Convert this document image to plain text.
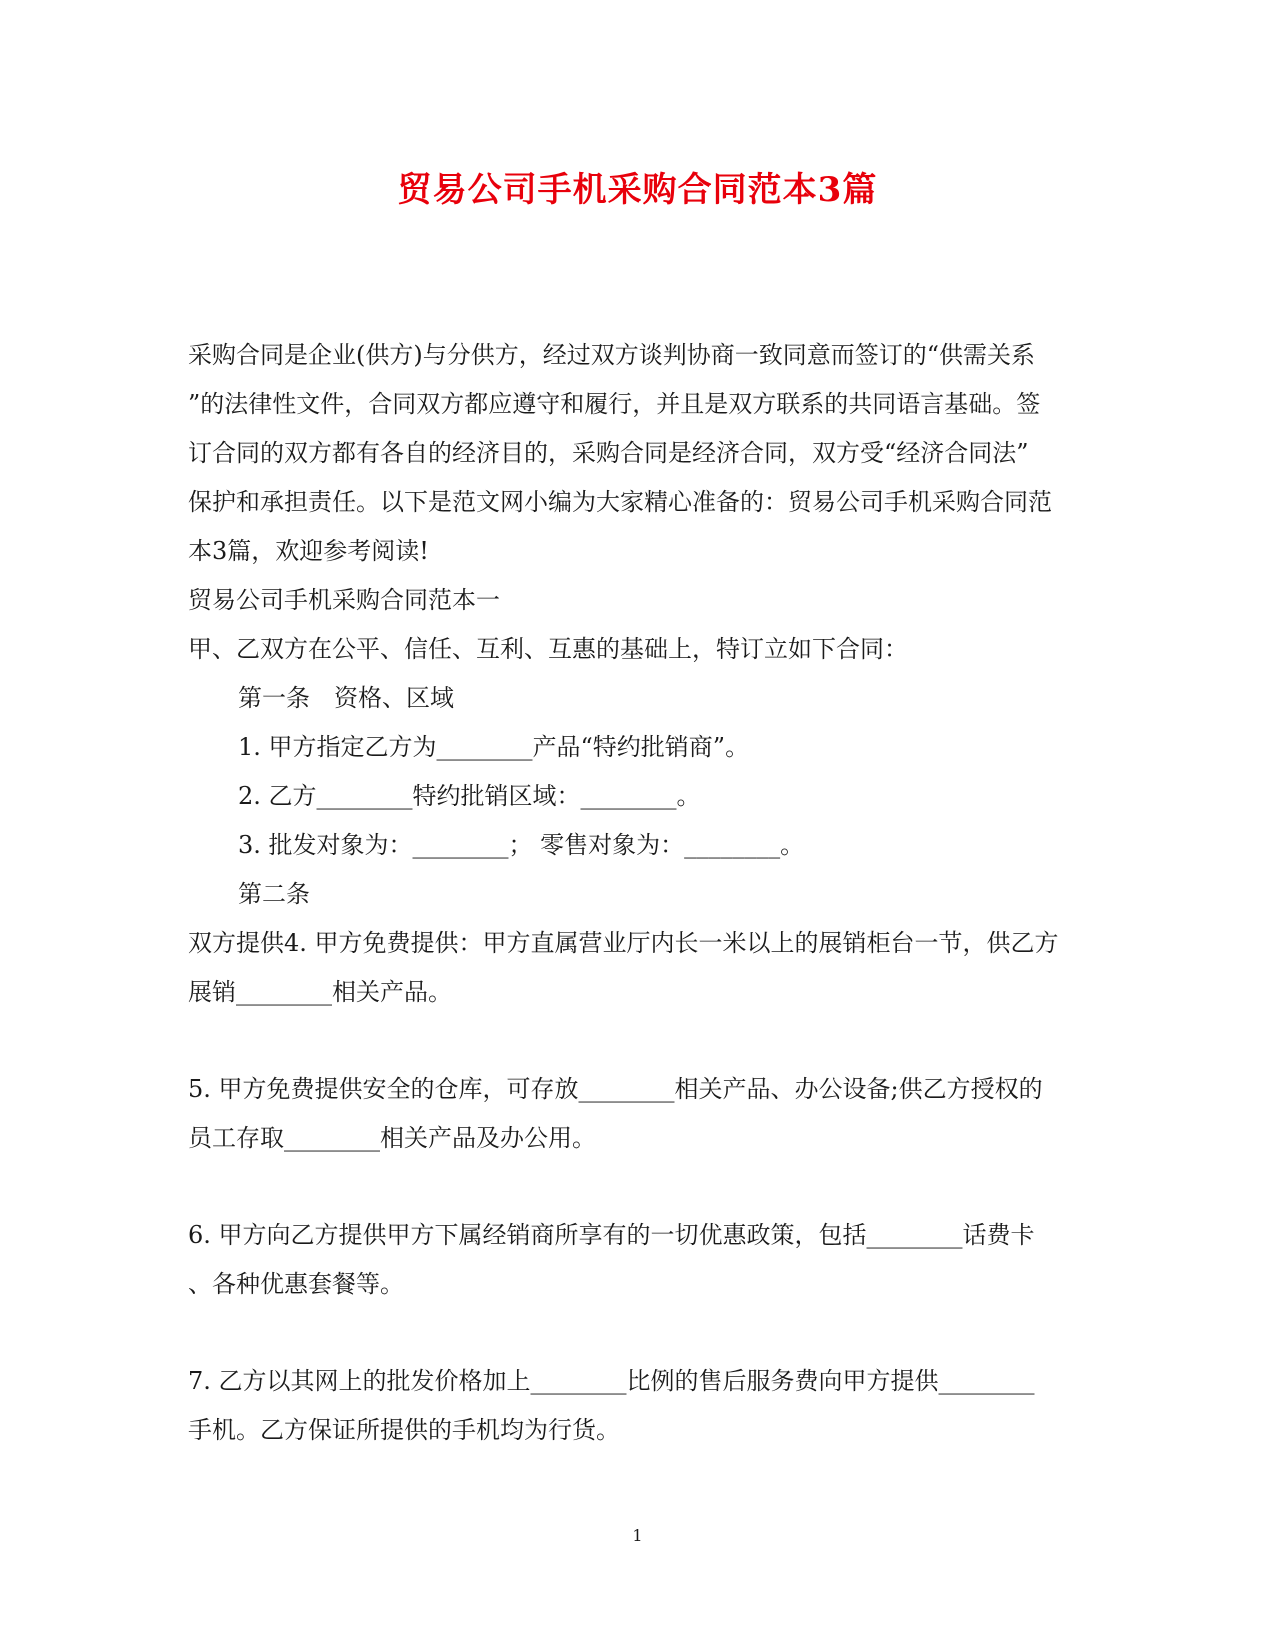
贸易公司手机采购合同范本3篇
采购合同是企业(供方)与分供方，经过双方谈判协商一致同意而签订的“供需关系
”的法律性文件，合同双方都应遵守和履行，并且是双方联系的共同语言基础。签
订合同的双方都有各自的经济目的，采购合同是经济合同，双方受“经济合同法”
保护和承担责任。以下是范文网小编为大家精心准备的：贸易公司手机采购合同范
本3篇，欢迎参考阅读!
贸易公司手机采购合同范本一
甲、乙双方在公平、信任、互利、互惠的基础上，特订立如下合同：
第一条　资格、区域
1. 甲方指定乙方为________产品“特约批销商”。
2. 乙方________特约批销区域：________。
3. 批发对象为：________； 零售对象为：________。
第二条
双方提供4. 甲方免费提供：甲方直属营业厅内长一米以上的展销柜台一节，供乙方
展销________相关产品。
5. 甲方免费提供安全的仓库，可存放________相关产品、办公设备;供乙方授权的
员工存取________相关产品及办公用。
6. 甲方向乙方提供甲方下属经销商所享有的一切优惠政策，包括________话费卡
、各种优惠套餐等。
7. 乙方以其网上的批发价格加上________比例的售后服务费向甲方提供________
手机。乙方保证所提供的手机均为行货。
1
